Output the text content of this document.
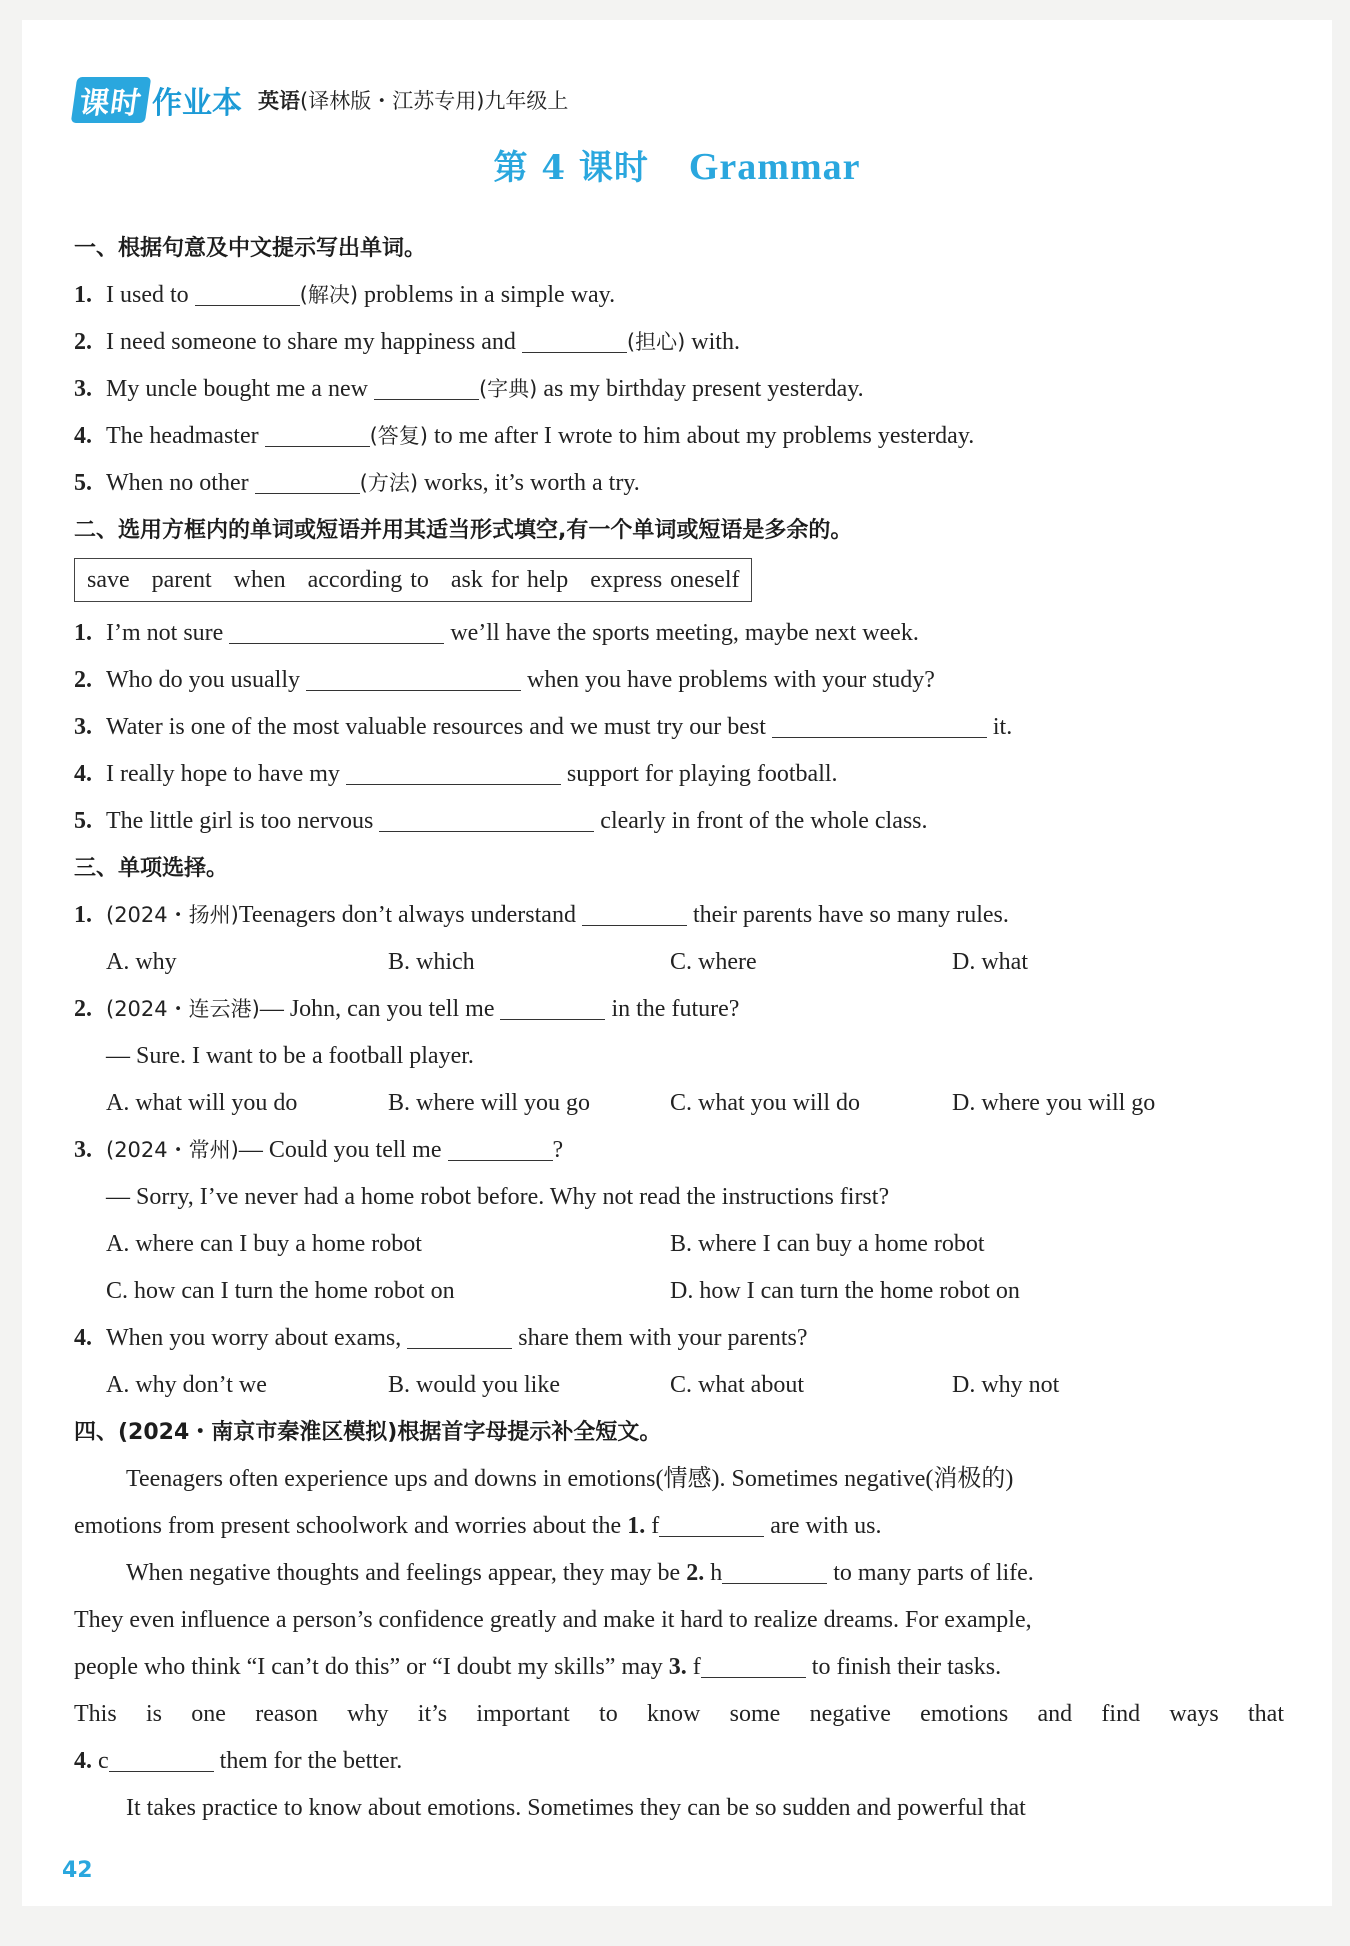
课时 作业本 英语(译林版・江苏专用)九年级上
第 4 课时 Grammar
一、根据句意及中文提示写出单词。
1. I used to	(解决) problems in a simple way.
2. I need someone to share my happiness and	(担心) with.
3. My uncle bought me a new	(字典) as my birthday present yesterday.
4. The headmaster	(答复) to me after I wrote to him about my problems yesterday.
5. When no other	(方法) works, it’s worth a try.
二、选用方框内的单词或短语并用其适当形式填空,有一个单词或短语是多余的。
save parent when according to ask for help express oneself
1. I’m not sure	we’ll have the sports meeting, maybe next week.
2. Who do you usually	when you have problems with your study?
3. Water is one of the most valuable resources and we must try our best	it.
4. I really hope to have my	support for playing football.
5. The little girl is too nervous	clearly in front of the whole class.
三、单项选择。
1. (2024・扬州)Teenagers don’t always understand	their parents have so many rules.
A. why	B. which	C. where	D. what
2. (2024・连云港)— John, can you tell me	in the future?
— Sure. I want to be a football player.
A. what will you do	B. where will you go	C. what you will do	D. where you will go
3. (2024・常州)— Could you tell me	?
— Sorry, I’ve never had a home robot before. Why not read the instructions first?
A. where can I buy a home robot	B. where I can buy a home robot
C. how can I turn the home robot on	D. how I can turn the home robot on
4. When you worry about exams,	share them with your parents?
A. why don’t we	B. would you like	C. what about	D. why not
四、(2024・南京市秦淮区模拟)根据首字母提示补全短文。
Teenagers often experience ups and downs in emotions(情感). Sometimes negative(消极的)
emotions from present schoolwork and worries about the 1. f	are with us.
When negative thoughts and feelings appear, they may be 2. h	to many parts of life.
They even influence a person’s confidence greatly and make it hard to realize dreams. For example,
people who think “I can’t do this” or “I doubt my skills” may 3. f	to finish their tasks.
This is one reason why it’s important to know some negative emotions and find ways that
4. c	them for the better.
It takes practice to know about emotions. Sometimes they can be so sudden and powerful that
42
